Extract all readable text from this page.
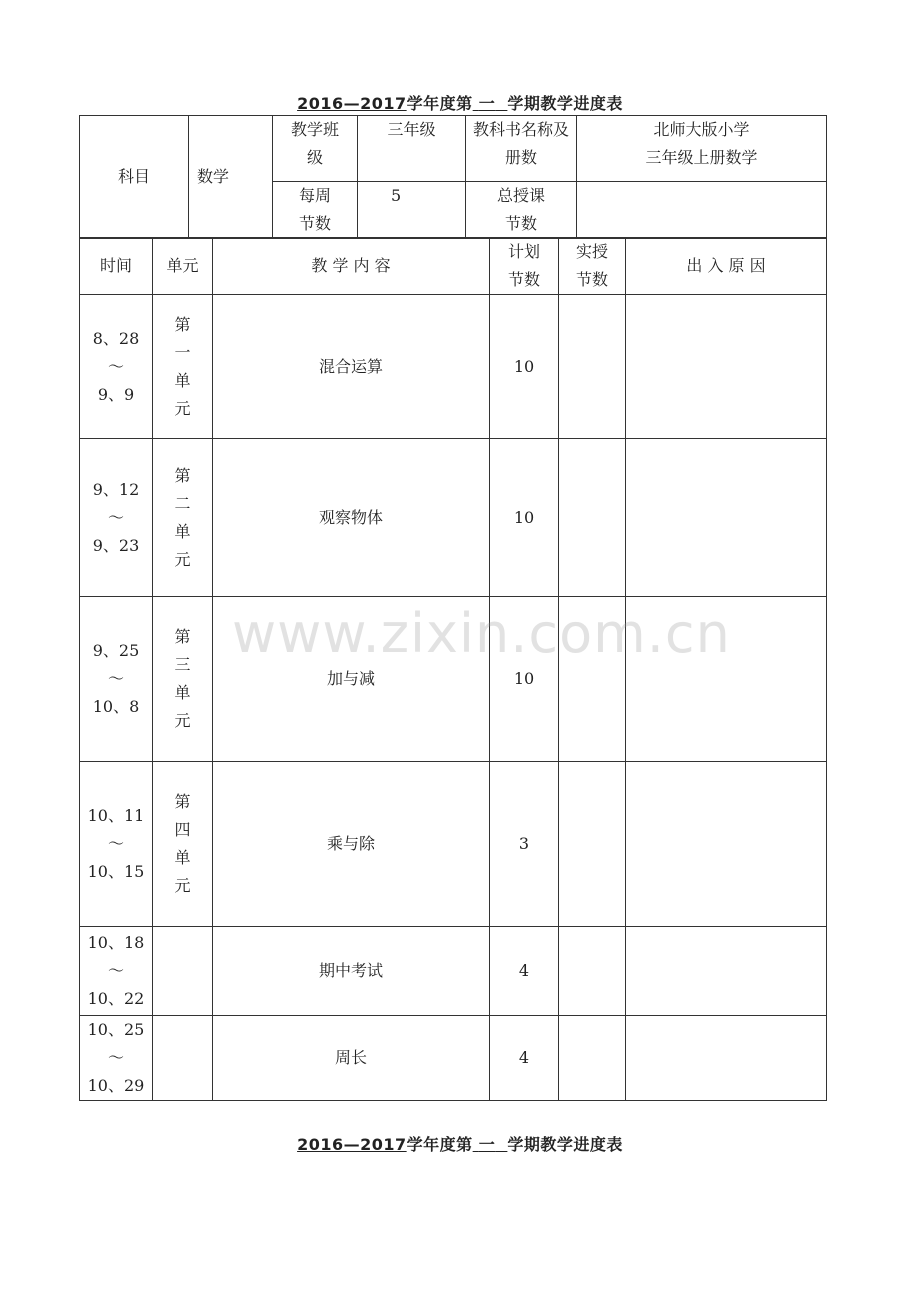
2016—2017学年度第 一 学期教学进度表
科目	数学	教学班级	三年级	教科书名称及册数	北师大版小学
三年级上册数学

		每周节数	5	总授课节数	

时间	单元	教 学 内 容	计划节数	实授节数	出 入 原 因

8、28
～
9、9	第一单元	混合运算	10		

9、12
～
9、23	第二单元	观察物体	10		

9、25
～
10、8	第三单元	加与减	10		

10、11
～
10、15	第四单元	乘与除	3		

10、18
～
10、22		期中考试	4		

10、25
～
10、29		周长	4		
www.zixin.com.cn
2016—2017学年度第 一 学期教学进度表
